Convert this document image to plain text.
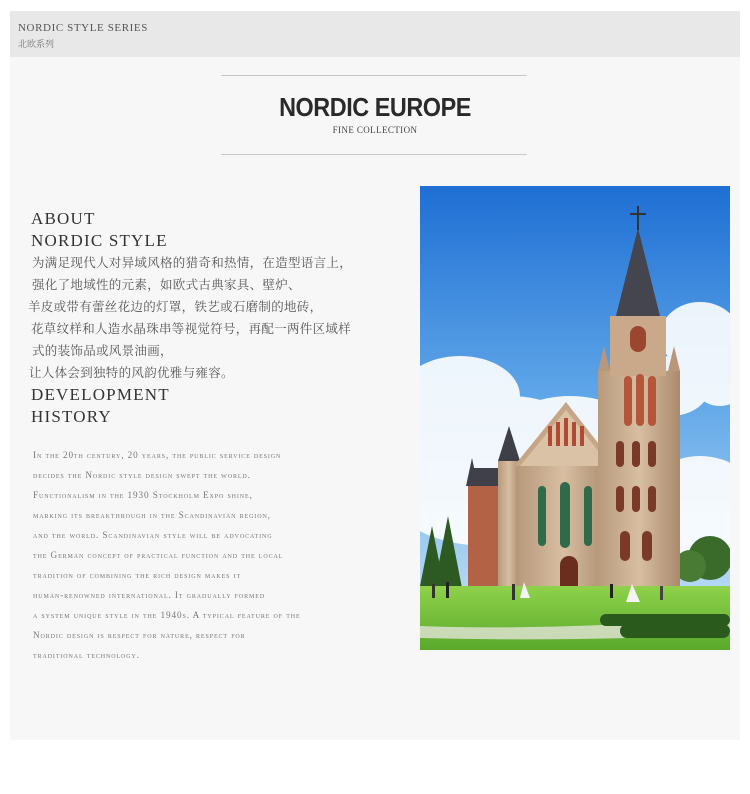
NORDIC STYLE SERIES
北欧系列
NORDIC EUROPE
FINE COLLECTION
ABOUT
NORDIC STYLE
为满足现代人对异域风格的猎奇和热情，在造型语言上，
强化了地域性的元素，如欧式古典家具、壁炉、
羊皮或带有蕾丝花边的灯罩，铁艺或石磨制的地砖，
花草纹样和人造水晶珠串等视觉符号，再配一两件区域样
式的装饰品或风景油画，
让人体会到独特的风韵优雅与雍容。
DEVELOPMENT
HISTORY
In the 20th century, 20 years, the public service design
decides the Nordic style design swept the world.
Functionalism in the 1930 Stockholm Expo shine,
marking its breakthrough in the Scandinavian region,
and the world. Scandinavian style will be advocating
the German concept of practical function and the local
tradition of combining the rich design makes it
human-renowned international. It gradually formed
a system unique style in the 1940s. A typical feature of the
Nordic design is respect for nature, respect for
traditional technology.
